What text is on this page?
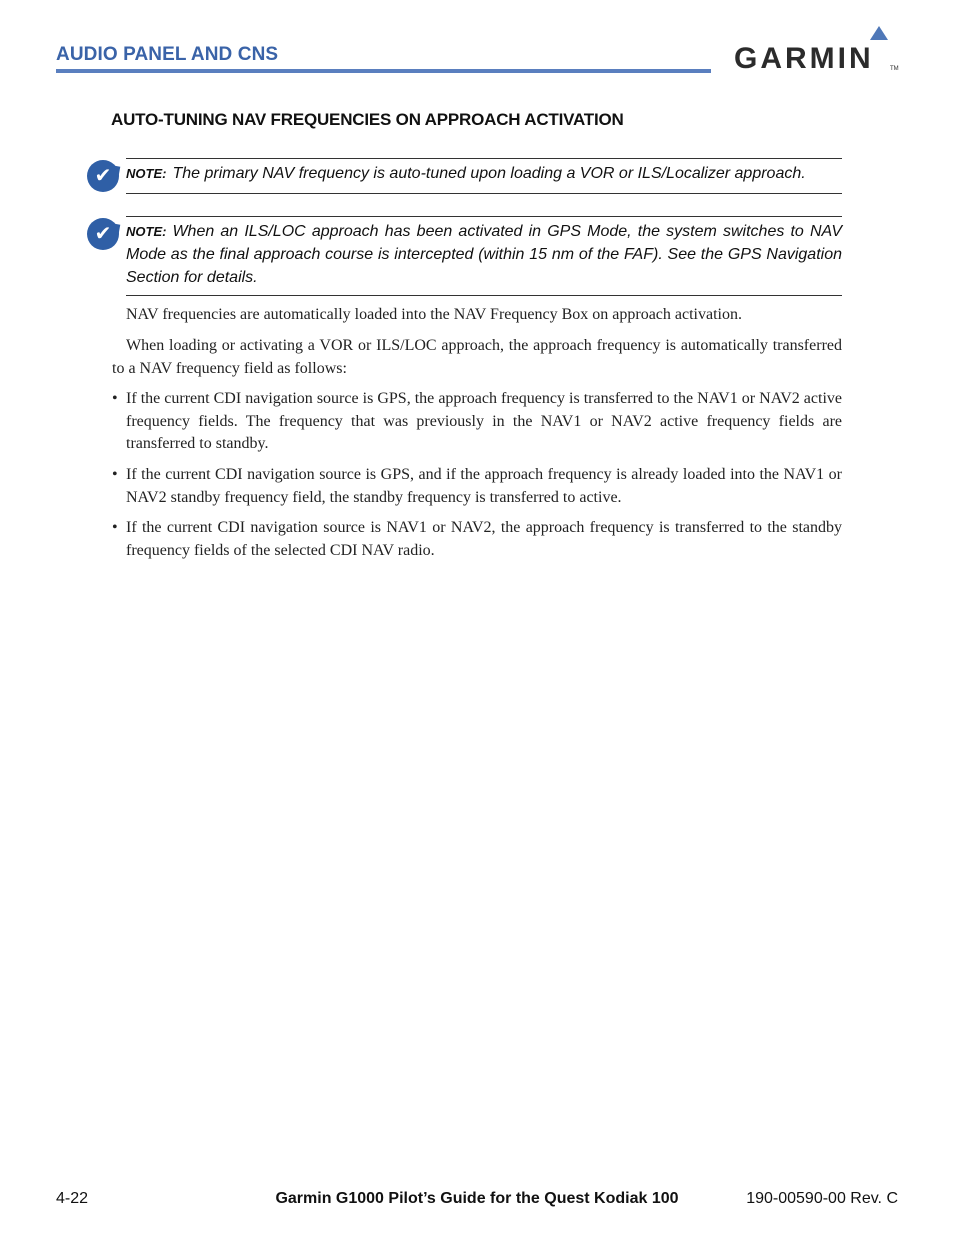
AUDIO PANEL AND CNS	GARMIN	TM
AUTO-TUNING NAV FREQUENCIES ON APPROACH ACTIVATION
✔ NOTE: The primary NAV frequency is auto-tuned upon loading a VOR or ILS/Localizer approach.
✔ NOTE: When an ILS/LOC approach has been activated in GPS Mode, the system switches to NAV Mode as the final approach course is intercepted (within 15 nm of the FAF). See the GPS Navigation Section for details.

NAV frequencies are automatically loaded into the NAV Frequency Box on approach activation.

When loading or activating a VOR or ILS/LOC approach, the approach frequency is automatically transferred to a NAV frequency field as follows:

• If the current CDI navigation source is GPS, the approach frequency is transferred to the NAV1 or NAV2 active frequency fields. The frequency that was previously in the NAV1 or NAV2 active frequency fields are transferred to standby.
• If the current CDI navigation source is GPS, and if the approach frequency is already loaded into the NAV1 or NAV2 standby frequency field, the standby frequency is transferred to active.
• If the current CDI navigation source is NAV1 or NAV2, the approach frequency is transferred to the standby frequency fields of the selected CDI NAV radio.
4-22	Garmin G1000 Pilot’s Guide for the Quest Kodiak 100	190-00590-00 Rev. C
